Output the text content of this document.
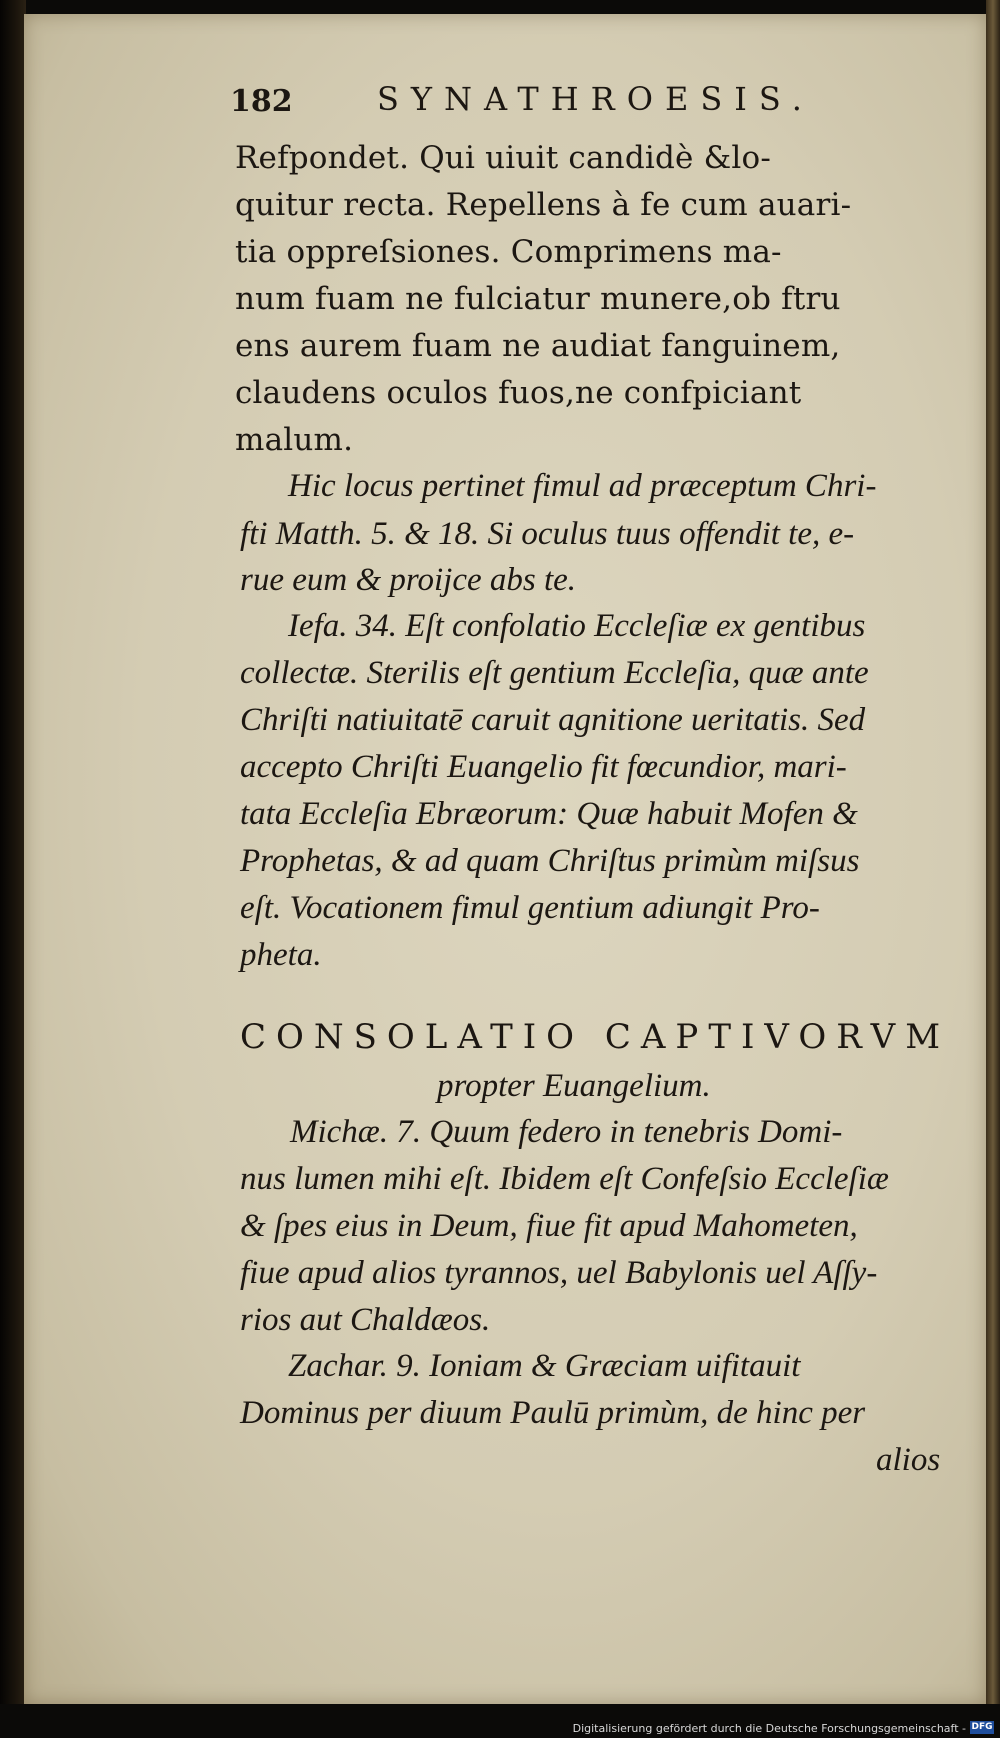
182	SYNATHROESIS.
Refpondet. Qui uiuit candidè &lo-
quitur recta. Repellens à fe cum auari-
tia oppreſsiones. Comprimens ma-
num fuam ne fulciatur munere,ob ftru
ens aurem fuam ne audiat fanguinem,
claudens oculos fuos,ne confpiciant
malum.
Hic locus pertinet fimul ad præceptum Chri-
fti Matth. 5. & 18. Si oculus tuus offendit te, e-
rue eum & proijce abs te.
Iefa. 34. Eſt confolatio Eccleſiæ ex gentibus
collectæ. Sterilis eſt gentium Eccleſia, quæ ante
Chriſti natiuitatē caruit agnitione ueritatis. Sed
accepto Chriſti Euangelio fit fœcundior, mari-
tata Eccleſia Ebræorum: Quæ habuit Mofen &
Prophetas, & ad quam Chriſtus primùm miſsus
eſt. Vocationem fimul gentium adiungit Pro-
pheta.
CONSOLATIO CAPTIVORVM
propter Euangelium.
Michæ. 7. Quum federo in tenebris Domi-
nus lumen mihi eſt. Ibidem eſt Confeſsio Eccleſiæ
& ſpes eius in Deum, fiue fit apud Mahometen,
fiue apud alios tyrannos, uel Babylonis uel Aſſy-
rios aut Chaldæos.
Zachar. 9. Ioniam & Græciam uifitauit
Dominus per diuum Paulū primùm, de hinc per
alios
Digitalisierung gefördert durch die Deutsche Forschungsgemeinschaft - DFG
